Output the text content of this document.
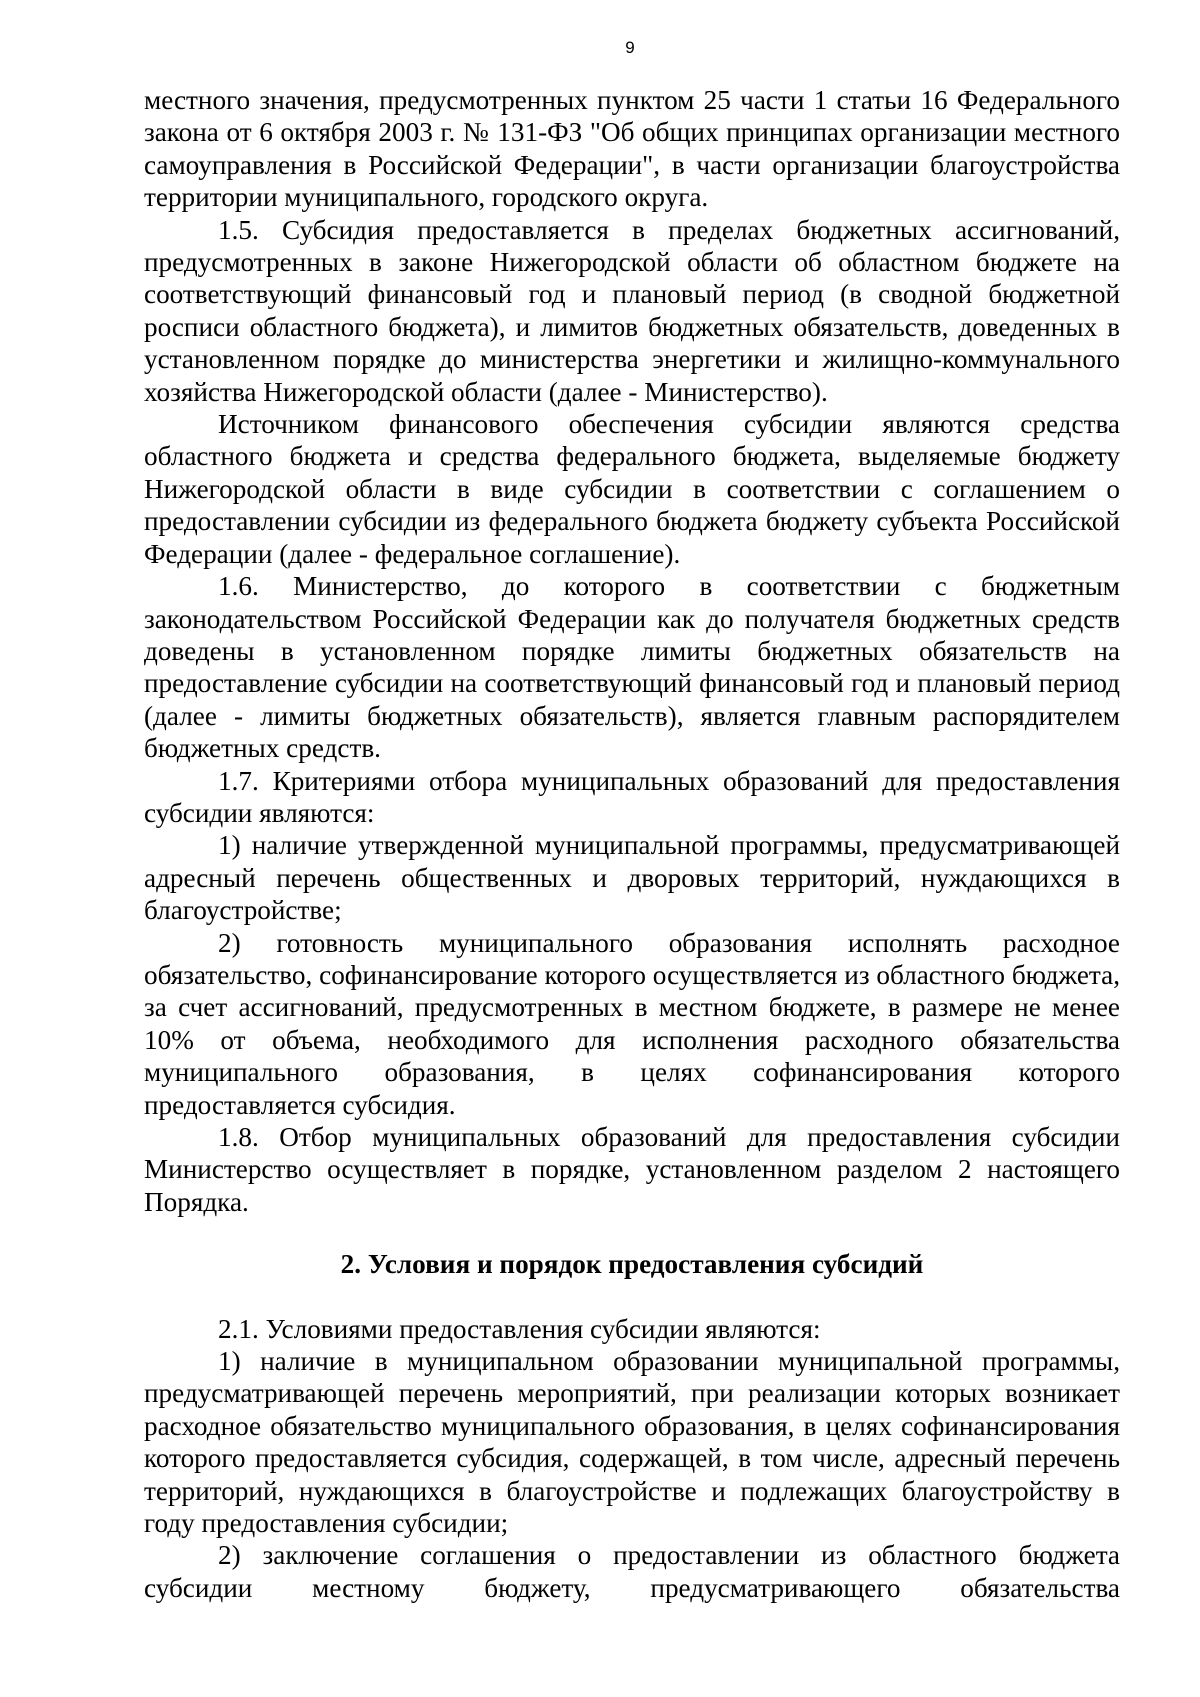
9

местного значения, предусмотренных пунктом 25 части 1 статьи 16 Федерального закона от 6 октября 2003 г. № 131-ФЗ "Об общих принципах организации местного самоуправления в Российской Федерации", в части организации благоустройства территории муниципального, городского округа.

1.5. Субсидия предоставляется в пределах бюджетных ассигнований, предусмотренных в законе Нижегородской области об областном бюджете на соответствующий финансовый год и плановый период (в сводной бюджетной росписи областного бюджета), и лимитов бюджетных обязательств, доведенных в установленном порядке до министерства энергетики и жилищно-коммунального хозяйства Нижегородской области (далее - Министерство).

Источником финансового обеспечения субсидии являются средства областного бюджета и средства федерального бюджета, выделяемые бюджету Нижегородской области в виде субсидии в соответствии с соглашением о предоставлении субсидии из федерального бюджета бюджету субъекта Российской Федерации (далее - федеральное соглашение).

1.6. Министерство, до которого в соответствии с бюджетным законодательством Российской Федерации как до получателя бюджетных средств доведены в установленном порядке лимиты бюджетных обязательств на предоставление субсидии на соответствующий финансовый год и плановый период (далее - лимиты бюджетных обязательств), является главным распорядителем бюджетных средств.

1.7. Критериями отбора муниципальных образований для предоставления субсидии являются:

1) наличие утвержденной муниципальной программы, предусматривающей адресный перечень общественных и дворовых территорий, нуждающихся в благоустройстве;

2) готовность муниципального образования исполнять расходное обязательство, софинансирование которого осуществляется из областного бюджета, за счет ассигнований, предусмотренных в местном бюджете, в размере не менее 10% от объема, необходимого для исполнения расходного обязательства муниципального образования, в целях софинансирования которого предоставляется субсидия.

1.8. Отбор муниципальных образований для предоставления субсидии Министерство осуществляет в порядке, установленном разделом 2 настоящего Порядка.

2. Условия и порядок предоставления субсидий

2.1. Условиями предоставления субсидии являются:

1) наличие в муниципальном образовании муниципальной программы, предусматривающей перечень мероприятий, при реализации которых возникает расходное обязательство муниципального образования, в целях софинансирования которого предоставляется субсидия, содержащей, в том числе, адресный перечень территорий, нуждающихся в благоустройстве и подлежащих благоустройству в году предоставления субсидии;

2) заключение соглашения о предоставлении из областного бюджета субсидии местному бюджету, предусматривающего обязательства
